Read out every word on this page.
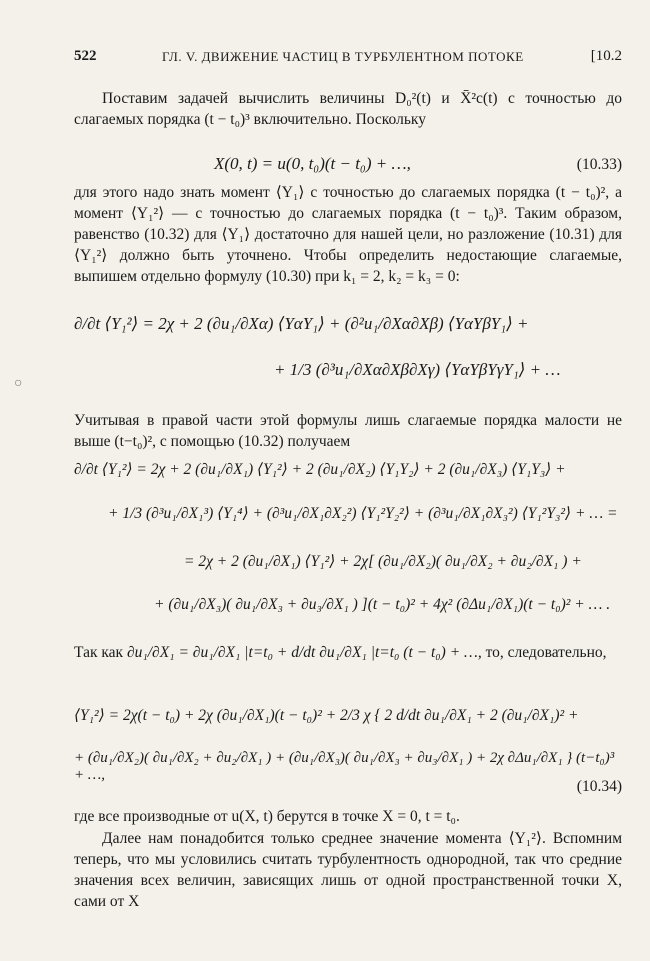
522	ГЛ. V. ДВИЖЕНИЕ ЧАСТИЦ В ТУРБУЛЕНТНОМ ПОТОКЕ	[10.2
Поставим задачей вычислить величины D₀²(t) и X̄²c(t) с точностью до слагаемых порядка (t − t₀)³ включительно. Поскольку
X(0, t) = u(0, t₀)(t − t₀) + …,	(10.33)
для этого надо знать момент ⟨Y₁⟩ с точностью до слагаемых порядка (t − t₀)², а момент ⟨Y₁²⟩ — с точностью до слагаемых порядка (t − t₀)³. Таким образом, равенство (10.32) для ⟨Y₁⟩ достаточно для нашей цели, но разложение (10.31) для ⟨Y₁²⟩ должно быть уточнено. Чтобы определить недостающие слагаемые, выпишем отдельно формулу (10.30) при k₁ = 2, k₂ = k₃ = 0:
∂/∂t ⟨Y₁²⟩ = 2χ + 2 (∂u₁/∂Xα) ⟨YαY₁⟩ + (∂²u₁/∂Xα∂Xβ) ⟨YαYβY₁⟩ +
+ 1/3 (∂³u₁/∂Xα∂Xβ∂Xγ) ⟨YαYβYγY₁⟩ + …
○
Учитывая в правой части этой формулы лишь слагаемые порядка малости не выше (t−t₀)², с помощью (10.32) получаем
∂/∂t ⟨Y₁²⟩ = 2χ + 2 (∂u₁/∂X₁) ⟨Y₁²⟩ + 2 (∂u₁/∂X₂) ⟨Y₁Y₂⟩ + 2 (∂u₁/∂X₃) ⟨Y₁Y₃⟩ +
+ 1/3 (∂³u₁/∂X₁³) ⟨Y₁⁴⟩ + (∂³u₁/∂X₁∂X₂²) ⟨Y₁²Y₂²⟩ + (∂³u₁/∂X₁∂X₃²) ⟨Y₁²Y₃²⟩ + … =
= 2χ + 2 (∂u₁/∂X₁) ⟨Y₁²⟩ + 2χ[ (∂u₁/∂X₂)( ∂u₁/∂X₂ + ∂u₂/∂X₁ ) +
+ (∂u₁/∂X₃)( ∂u₁/∂X₃ + ∂u₃/∂X₁ ) ](t − t₀)² + 4χ² (∂Δu₁/∂X₁)(t − t₀)² + … .
Так как ∂u₁/∂X₁ = ∂u₁/∂X₁ |t=t₀ + d/dt ∂u₁/∂X₁ |t=t₀ (t − t₀) + …, то, следовательно,
⟨Y₁²⟩ = 2χ(t − t₀) + 2χ (∂u₁/∂X₁)(t − t₀)² + 2/3 χ { 2 d/dt ∂u₁/∂X₁ + 2 (∂u₁/∂X₁)² +
+ (∂u₁/∂X₂)( ∂u₁/∂X₂ + ∂u₂/∂X₁ ) + (∂u₁/∂X₃)( ∂u₁/∂X₃ + ∂u₃/∂X₁ ) + 2χ ∂Δu₁/∂X₁ } (t−t₀)³ + …,
(10.34)
где все производные от u(X, t) берутся в точке X = 0, t = t₀.
Далее нам понадобится только среднее значение момента ⟨Y₁²⟩. Вспомним теперь, что мы условились считать турбулентность однородной, так что средние значения всех величин, зависящих лишь от одной пространственной точки X, сами от X
